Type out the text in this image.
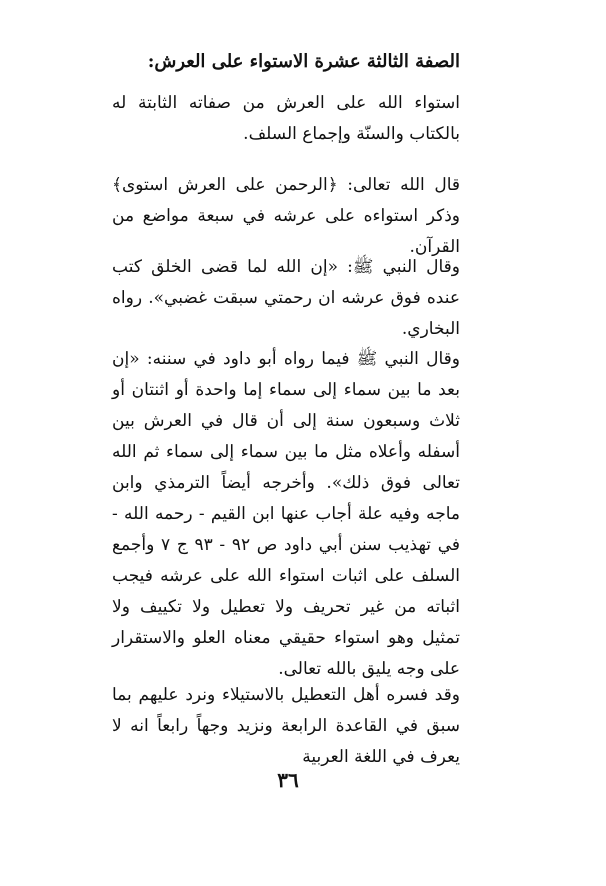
الصفة الثالثة عشرة الاستواء على العرش:

استواء الله على العرش من صفاته الثابتة له بالكتاب والسنّة وإجماع السلف.

قال الله تعالى: ﴿الرحمن على العرش استوى﴾ وذكر استواءه على عرشه في سبعة مواضع من القرآن.

وقال النبي ﷺ: «إن الله لما قضى الخلق كتب عنده فوق عرشه ان رحمتي سبقت غضبي». رواه البخاري.

وقال النبي ﷺ فيما رواه أبو داود في سننه: «إن بعد ما بين سماء إلى سماء إما واحدة أو اثنتان أو ثلاث وسبعون سنة إلى أن قال في العرش بين أسفله وأعلاه مثل ما بين سماء إلى سماء ثم الله تعالى فوق ذلك». وأخرجه أيضاً الترمذي وابن ماجه وفيه علة أجاب عنها ابن القيم - رحمه الله - في تهذيب سنن أبي داود ص ٩٢ - ٩٣ ج ٧ وأجمع السلف على اثبات استواء الله على عرشه فيجب اثباته من غير تحريف ولا تعطيل ولا تكييف ولا تمثيل وهو استواء حقيقي معناه العلو والاستقرار على وجه يليق بالله تعالى.

وقد فسره أهل التعطيل بالاستيلاء ونرد عليهم بما سبق في القاعدة الرابعة ونزيد وجهاً رابعاً انه لا يعرف في اللغة العربية

٣٦
